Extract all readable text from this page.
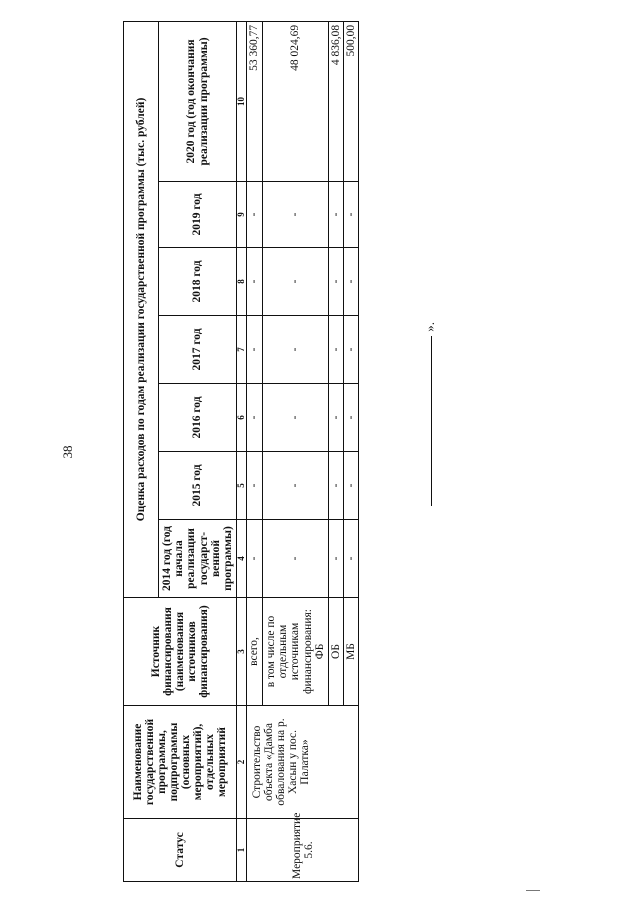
38
Статус	Наименование государственной программы, подпрограммы (основных мероприятий), отдельных мероприятий	Источник финансирования (наименования источников финансирования)	Оценка расходов по годам реализации государственной программы (тыс. рублей)						
			2014 год (год начала реализации государст-венной программы)	2015 год	2016 год	2017 год	2018 год	2019 год	2020 год (год окончания реализации программы)
1	2	3	4	5	6	7	8	9	10
Мероприятие 5.6.	Строительство объекта «Дамба обвалования на р. Хасын у пос. Палатка»	всего,	-	-	-	-	-	-	53 360,77
		в том числе по отдельным источникам финансирования: ФБ	-	-	-	-	-	-	48 024,69
		ОБ	-	-	-	-	-	-	4 836,08
		МБ	-	-	-	-	-	-	500,00
».
